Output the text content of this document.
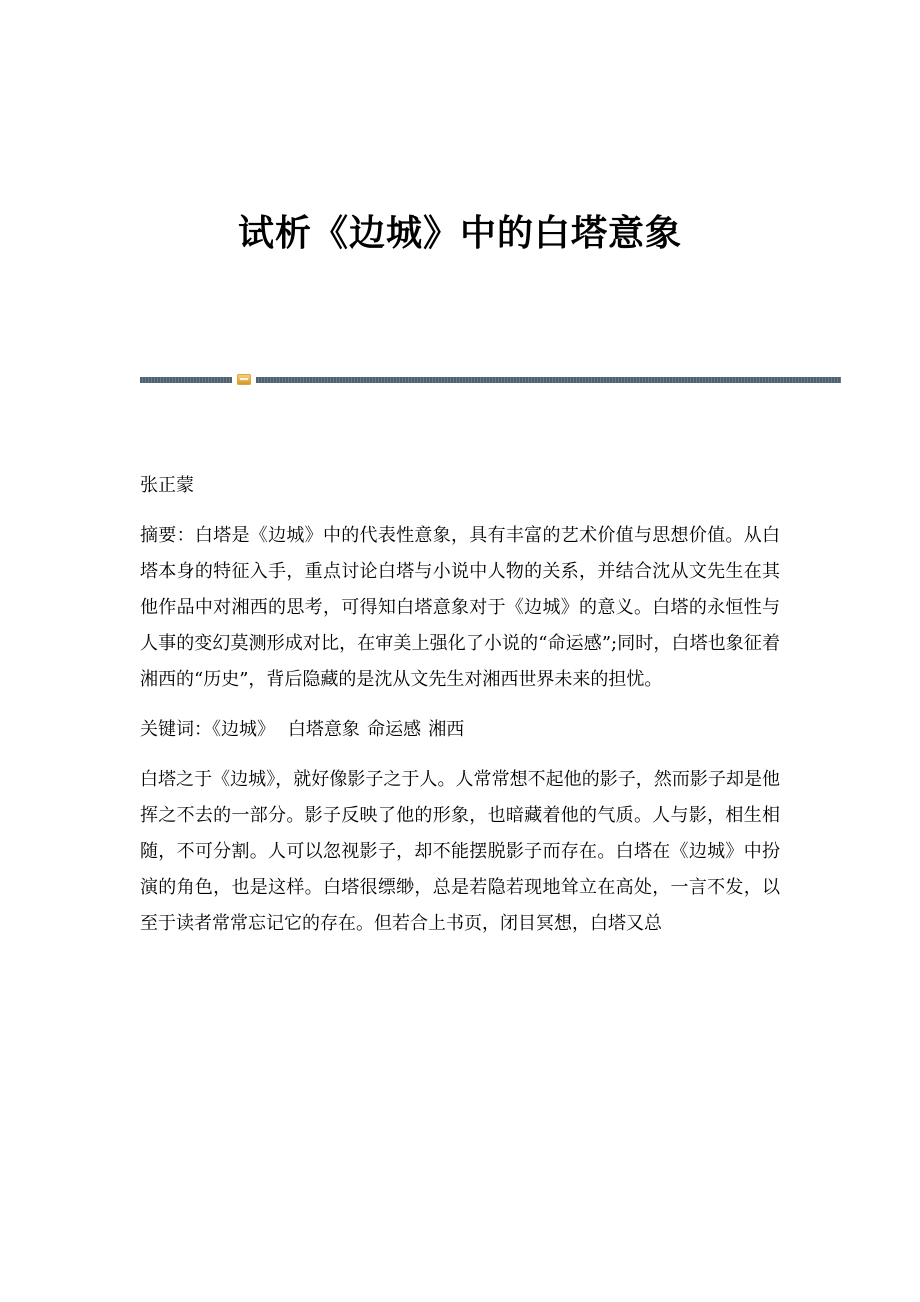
试析《边城》中的白塔意象

张正蒙

摘要：白塔是《边城》中的代表性意象，具有丰富的艺术价值与思想价值。从白塔本身的特征入手，重点讨论白塔与小说中人物的关系，并结合沈从文先生在其他作品中对湘西的思考，可得知白塔意象对于《边城》的意义。白塔的永恒性与人事的变幻莫测形成对比，在审美上强化了小说的“命运感”;同时，白塔也象征着湘西的“历史”，背后隐藏的是沈从文先生对湘西世界未来的担忧。

关键词：《边城》 白塔意象 命运感 湘西

白塔之于《边城》，就好像影子之于人。人常常想不起他的影子，然而影子却是他挥之不去的一部分。影子反映了他的形象，也暗藏着他的气质。人与影，相生相随，不可分割。人可以忽视影子，却不能摆脱影子而存在。白塔在《边城》中扮演的角色，也是这样。白塔很缥缈，总是若隐若现地耸立在高处，一言不发，以至于读者常常忘记它的存在。但若合上书页，闭目冥想，白塔又总
